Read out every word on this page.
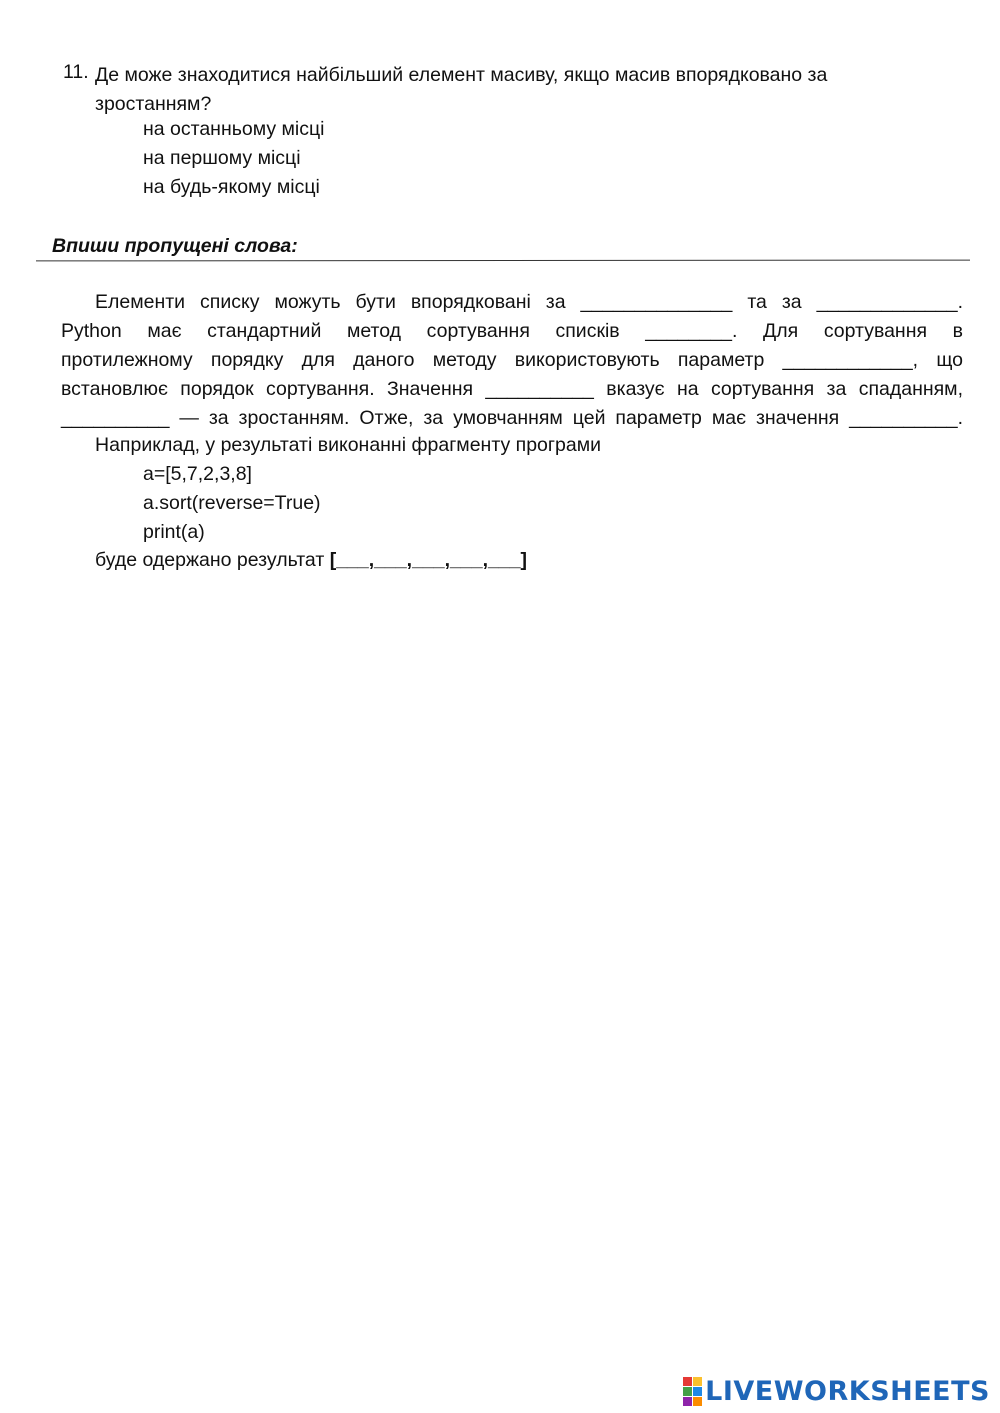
11. Де може знаходитися найбільший елемент масиву, якщо масив впорядковано за зростанням?
на останньому місці
на першому місці
на будь-якому місці
Впиши пропущені слова:
Елементи списку можуть бути впорядковані за ______________ та за _____________.
Python має стандартний метод сортування списків ________. Для сортування в
протилежному порядку для даного методу використовують параметр ____________, що
встановлює порядок сортування. Значення __________ вказує на сортування за спаданням,
__________ — за зростанням. Отже, за умовчанням цей параметр має значення __________.
Наприклад, у результаті виконанні фрагменту програми
a=[5,7,2,3,8]
a.sort(reverse=True)
print(a)
буде одержано результат [___,___,___,___,___]
LIVEWORKSHEETS
